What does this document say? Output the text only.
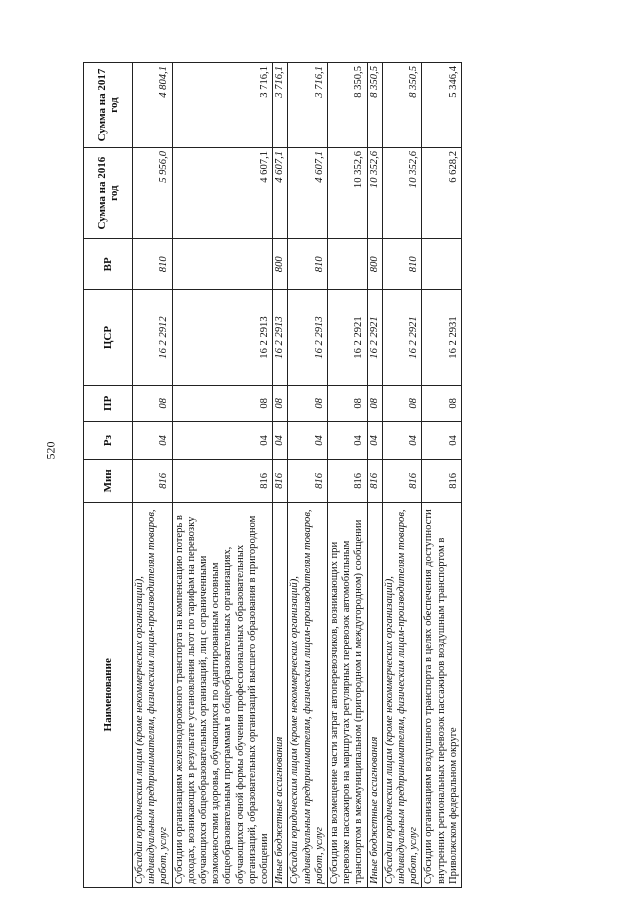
520
Наименование	Мин	Рз	ПР	ЦСР	ВР	Сумма на 2016 год	Сумма на 2017 год
Субсидии юридическим лицам (кроме некоммерческих организаций), индивидуальным предпринимателям, физическим лицам-производителям товаров, работ, услуг	816	04	08	16 2 2912	810	5 956,0	4 804,1
Субсидии организациям железнодорожного транспорта на компенсацию потерь в доходах, возникающих в результате установления льгот по тарифам на перевозку обучающихся общеобразовательных организаций, лиц с ограниченными возможностями здоровья, обучающихся по адаптированным основным общеобразовательным программам в общеобразовательных организациях, обучающихся очной формы обучения профессиональных образовательных организаций, образовательных организаций высшего образования в пригородном сообщении	816	04	08	16 2 2913		4 607,1	3 716,1
Иные бюджетные ассигнования	816	04	08	16 2 2913	800	4 607,1	3 716,1
Субсидии юридическим лицам (кроме некоммерческих организаций), индивидуальным предпринимателям, физическим лицам-производителям товаров, работ, услуг	816	04	08	16 2 2913	810	4 607,1	3 716,1
Субсидии на возмещение части затрат автоперевозчиков, возникающих при перевозке пассажиров на маршрутах регулярных перевозок автомобильным транспортом в межмуниципальном (пригородном и междугородном) сообщении	816	04	08	16 2 2921		10 352,6	8 350,5
Иные бюджетные ассигнования	816	04	08	16 2 2921	800	10 352,6	8 350,5
Субсидии юридическим лицам (кроме некоммерческих организаций), индивидуальным предпринимателям, физическим лицам-производителям товаров, работ, услуг	816	04	08	16 2 2921	810	10 352,6	8 350,5
Субсидии организациям воздушного транспорта в целях обеспечения доступности внутренних региональных перевозок пассажиров воздушным транспортом в Приволжском федеральном округе	816	04	08	16 2 2931		6 628,2	5 346,4
